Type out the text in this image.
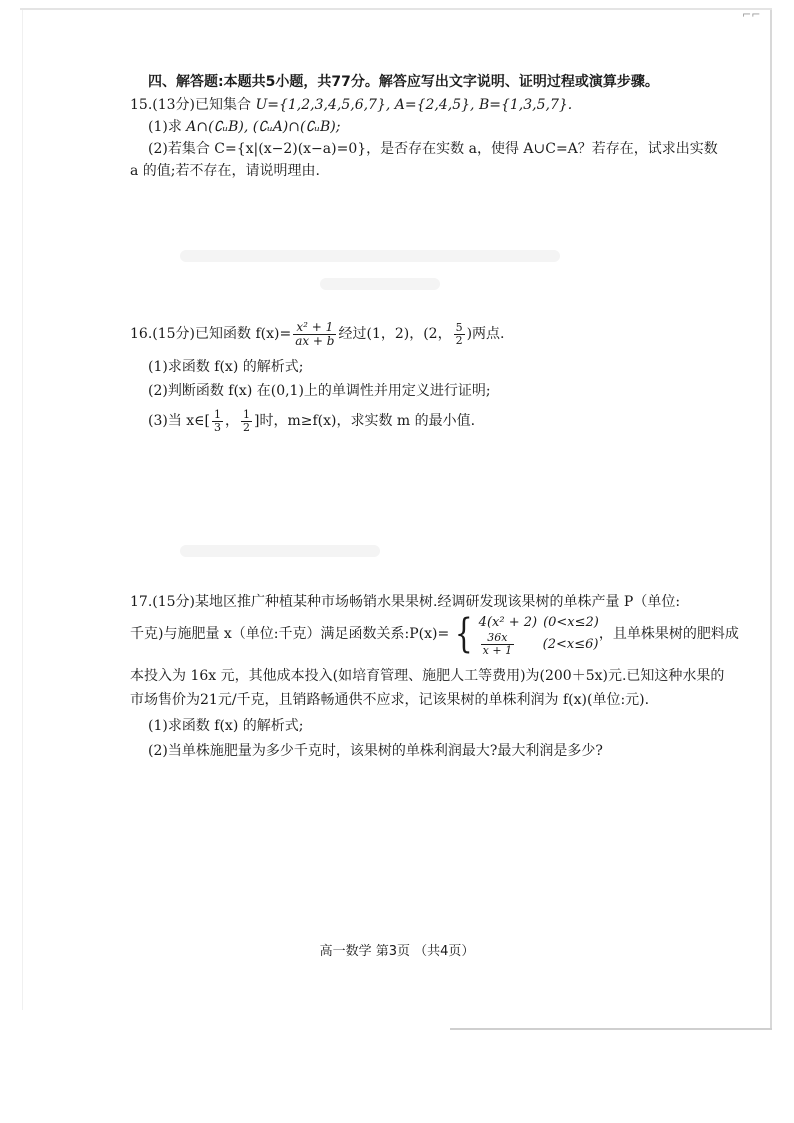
⌐⌐
四、解答题:本题共5小题，共77分。解答应写出文字说明、证明过程或演算步骤。
15.(13分)已知集合 U={1,2,3,4,5,6,7}, A={2,4,5}, B={1,3,5,7}.
(1)求 A∩(∁ᵤB), (∁ᵤA)∩(∁ᵤB);
(2)若集合 C={x|(x−2)(x−a)=0}，是否存在实数 a，使得 A∪C=A？若存在，试求出实数
a 的值;若不存在，请说明理由.
16.(15分)已知函数 $f(x)= \frac{\text{x² + 1}}{ax + b}$ 经过(1，2)，(2， $\frac{5}{2}$ )两点.
(1)求函数 f(x) 的解析式;
(2)判断函数 f(x) 在(0,1)上的单调性并用定义进行证明;
(3)当 x∈[ $\frac{1}{3}$ ， $\frac{1}{2}$ ]时，m≥f(x)，求实数 m 的最小值.
17.(15分)某地区推广种植某种市场畅销水果果树.经调研发现该果树的单株产量 P（单位:
千克)与施肥量 x（单位:千克）满足函数关系:P(x)= { 4(x² + 2) (0<x≤2)
$\frac{36x}{x + 1} (2<x\le 6)$
，且单株果树的肥料成
本投入为 16x 元，其他成本投入(如培育管理、施肥人工等费用)为(200＋5x)元.已知这种水果的
市场售价为21元/千克，且销路畅通供不应求，记该果树的单株利润为 f(x)(单位:元).
(1)求函数 f(x) 的解析式;
(2)当单株施肥量为多少千克时，该果树的单株利润最大?最大利润是多少?
高一数学 第3页 （共4页）
